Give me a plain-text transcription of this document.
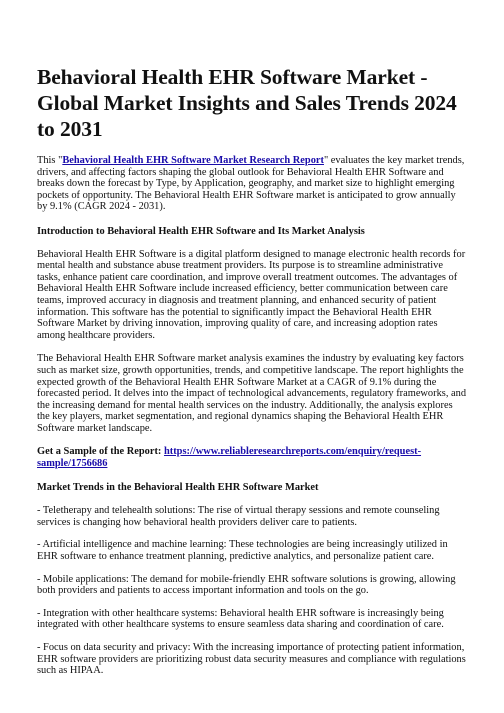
Behavioral Health EHR Software Market - Global Market Insights and Sales Trends 2024 to 2031

This "Behavioral Health EHR Software Market Research Report" evaluates the key market trends, drivers, and affecting factors shaping the global outlook for Behavioral Health EHR Software and breaks down the forecast by Type, by Application, geography, and market size to highlight emerging pockets of opportunity. The Behavioral Health EHR Software market is anticipated to grow annually by 9.1% (CAGR 2024 - 2031).

Introduction to Behavioral Health EHR Software and Its Market Analysis

Behavioral Health EHR Software is a digital platform designed to manage electronic health records for mental health and substance abuse treatment providers. Its purpose is to streamline administrative tasks, enhance patient care coordination, and improve overall treatment outcomes. The advantages of Behavioral Health EHR Software include increased efficiency, better communication between care teams, improved accuracy in diagnosis and treatment planning, and enhanced security of patient information. This software has the potential to significantly impact the Behavioral Health EHR Software Market by driving innovation, improving quality of care, and increasing adoption rates among healthcare providers.

The Behavioral Health EHR Software market analysis examines the industry by evaluating key factors such as market size, growth opportunities, trends, and competitive landscape. The report highlights the expected growth of the Behavioral Health EHR Software Market at a CAGR of 9.1% during the forecasted period. It delves into the impact of technological advancements, regulatory frameworks, and the increasing demand for mental health services on the industry. Additionally, the analysis explores the key players, market segmentation, and regional dynamics shaping the Behavioral Health EHR Software market landscape.

Get a Sample of the Report: https://www.reliableresearchreports.com/enquiry/request-sample/1756686

Market Trends in the Behavioral Health EHR Software Market

- Teletherapy and telehealth solutions: The rise of virtual therapy sessions and remote counseling services is changing how behavioral health providers deliver care to patients.

- Artificial intelligence and machine learning: These technologies are being increasingly utilized in EHR software to enhance treatment planning, predictive analytics, and personalize patient care.

- Mobile applications: The demand for mobile-friendly EHR software solutions is growing, allowing both providers and patients to access important information and tools on the go.

- Integration with other healthcare systems: Behavioral health EHR software is increasingly being integrated with other healthcare systems to ensure seamless data sharing and coordination of care.

- Focus on data security and privacy: With the increasing importance of protecting patient information, EHR software providers are prioritizing robust data security measures and compliance with regulations such as HIPAA.
